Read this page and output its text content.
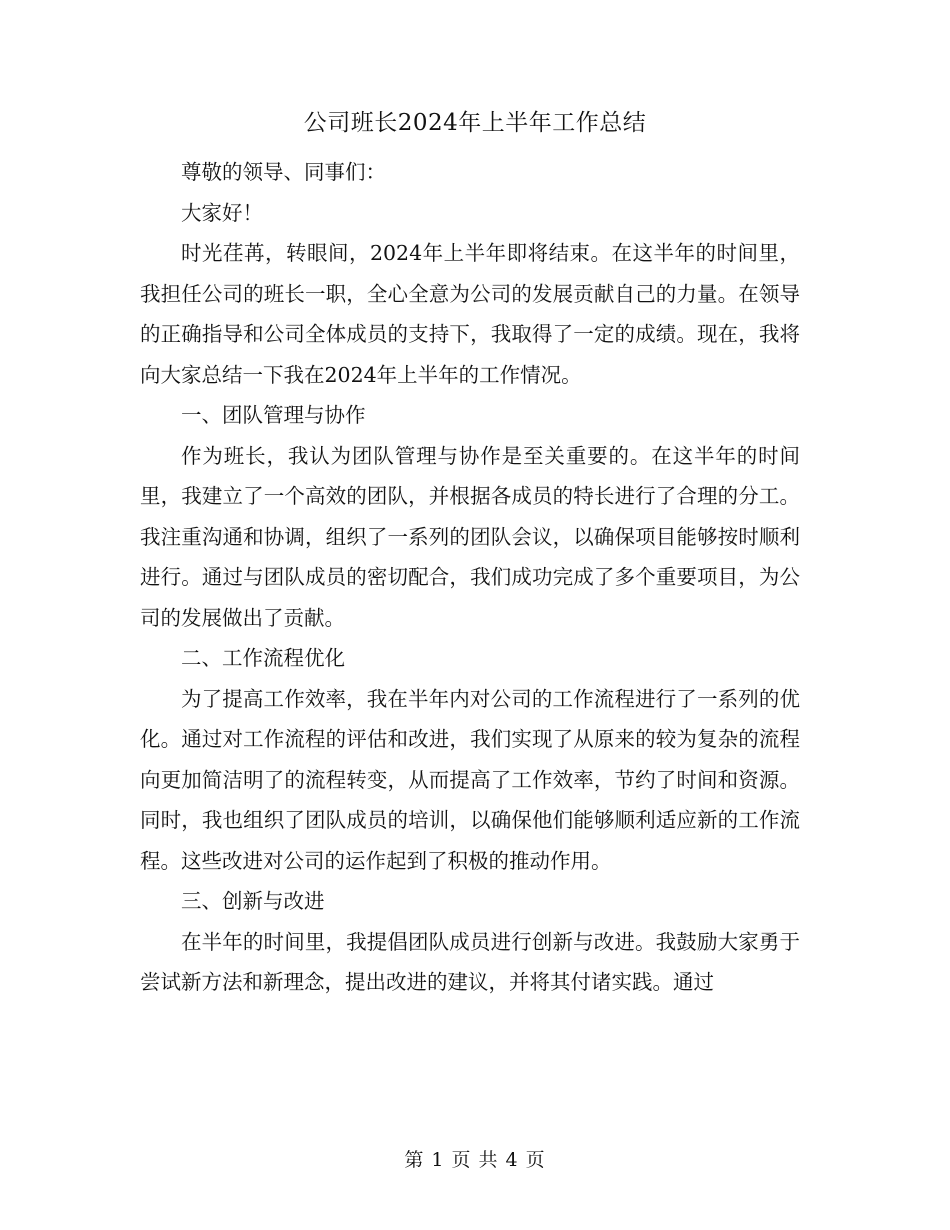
公司班长2024年上半年工作总结

尊敬的领导、同事们：

大家好！

时光荏苒，转眼间，2024年上半年即将结束。在这半年的时间里，我担任公司的班长一职，全心全意为公司的发展贡献自己的力量。在领导的正确指导和公司全体成员的支持下，我取得了一定的成绩。现在，我将向大家总结一下我在2024年上半年的工作情况。

一、团队管理与协作

作为班长，我认为团队管理与协作是至关重要的。在这半年的时间里，我建立了一个高效的团队，并根据各成员的特长进行了合理的分工。我注重沟通和协调，组织了一系列的团队会议，以确保项目能够按时顺利进行。通过与团队成员的密切配合，我们成功完成了多个重要项目，为公司的发展做出了贡献。

二、工作流程优化

为了提高工作效率，我在半年内对公司的工作流程进行了一系列的优化。通过对工作流程的评估和改进，我们实现了从原来的较为复杂的流程向更加简洁明了的流程转变，从而提高了工作效率，节约了时间和资源。同时，我也组织了团队成员的培训，以确保他们能够顺利适应新的工作流程。这些改进对公司的运作起到了积极的推动作用。

三、创新与改进

在半年的时间里，我提倡团队成员进行创新与改进。我鼓励大家勇于尝试新方法和新理念，提出改进的建议，并将其付诸实践。通过

第 1 页 共 4 页
